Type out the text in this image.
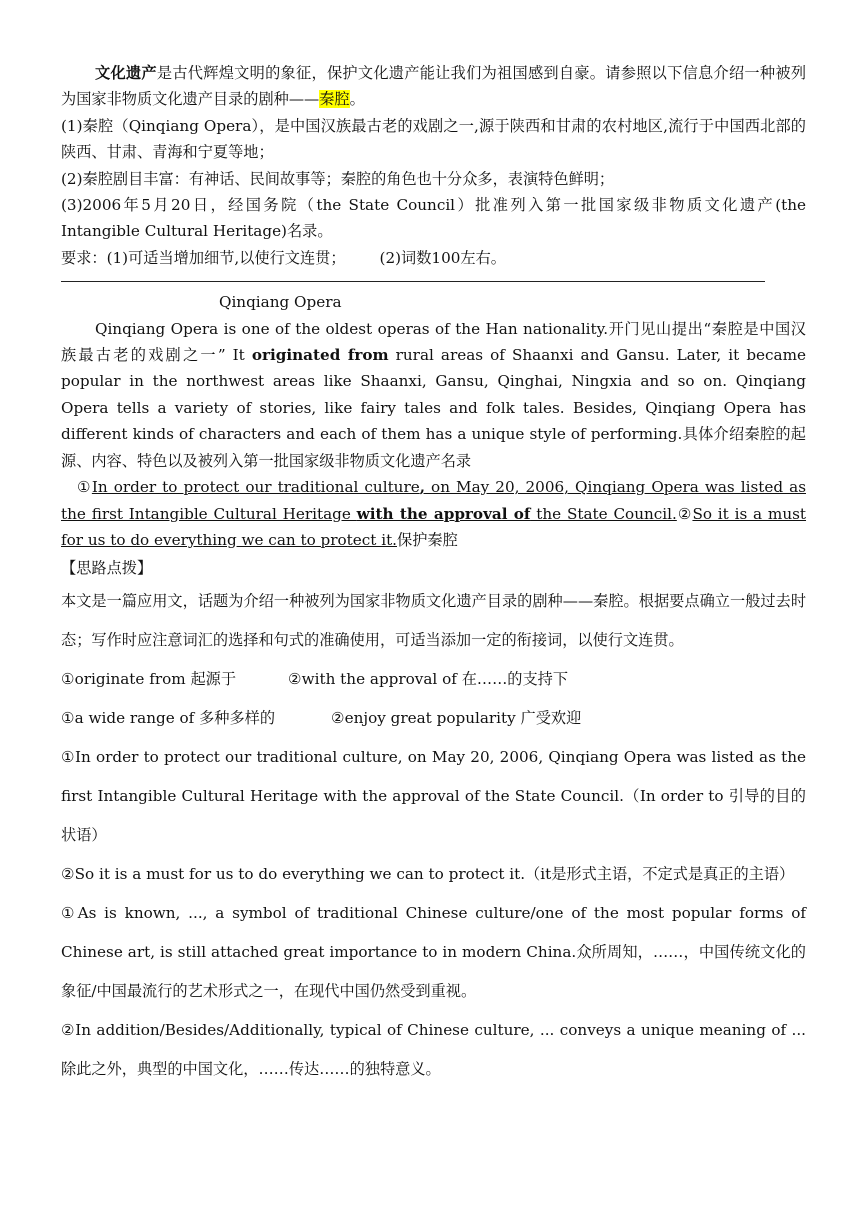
文化遗产是古代辉煌文明的象征，保护文化遗产能让我们为祖国感到自豪。请参照以下信息介绍一种被列为国家非物质文化遗产目录的剧种——秦腔。

(1)秦腔（Qinqiang Opera），是中国汉族最古老的戏剧之一,源于陕西和甘肃的农村地区,流行于中国西北部的陕西、甘肃、青海和宁夏等地；

(2)秦腔剧目丰富：有神话、民间故事等；秦腔的角色也十分众多，表演特色鲜明；

(3)2006年5月20日，经国务院（the State Council）批准列入第一批国家级非物质文化遗产(the Intangible Cultural Heritage)名录。

要求：(1)可适当增加细节,以使行文连贯； (2)词数100左右。

Qinqiang Opera

Qinqiang Opera is one of the oldest operas of the Han nationality.开门见山提出“秦腔是中国汉族最古老的戏剧之一” It originated from rural areas of Shaanxi and Gansu. Later, it became popular in the northwest areas like Shaanxi, Gansu, Qinghai, Ningxia and so on. Qinqiang Opera tells a variety of stories, like fairy tales and folk tales. Besides, Qinqiang Opera has different kinds of characters and each of them has a unique style of performing.具体介绍秦腔的起源、内容、特色以及被列入第一批国家级非物质文化遗产名录

①In order to protect our traditional culture, on May 20, 2006, Qinqiang Opera was listed as the first Intangible Cultural Heritage with the approval of the State Council.②So it is a must for us to do everything we can to protect it.保护秦腔

【思路点拨】

本文是一篇应用文，话题为介绍一种被列为国家非物质文化遗产目录的剧种——秦腔。根据要点确立一般过去时态；写作时应注意词汇的选择和句式的准确使用，可适当添加一定的衔接词，以使行文连贯。

①originate from 起源于	②with the approval of 在……的支持下

①a wide range of 多种多样的	②enjoy great popularity 广受欢迎

①In order to protect our traditional culture, on May 20, 2006, Qinqiang Opera was listed as the first Intangible Cultural Heritage with the approval of the State Council.（In order to 引导的目的状语）

②So it is a must for us to do everything we can to protect it.（it是形式主语，不定式是真正的主语）

①As is known, ..., a symbol of traditional Chinese culture/one of the most popular forms of Chinese art, is still attached great importance to in modern China.众所周知，……，中国传统文化的象征/中国最流行的艺术形式之一，在现代中国仍然受到重视。

②In addition/Besides/Additionally, typical of Chinese culture, ... conveys a unique meaning of ...除此之外，典型的中国文化，……传达……的独特意义。
